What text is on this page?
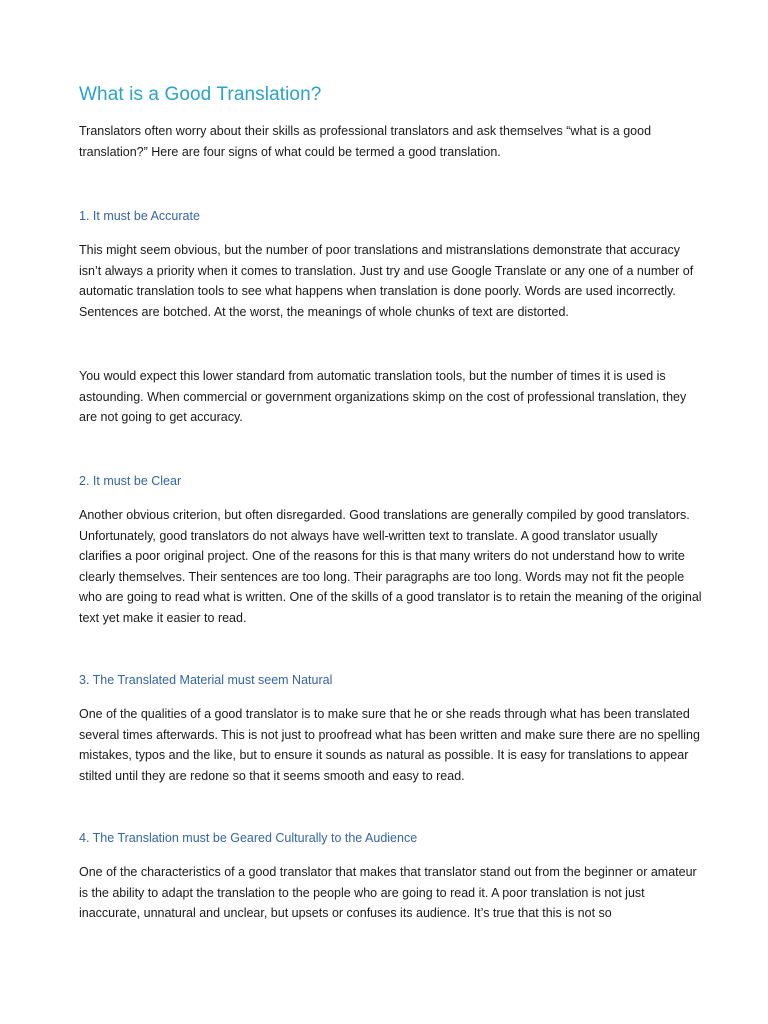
What is a Good Translation?

Translators often worry about their skills as professional translators and ask themselves “what is a good translation?” Here are four signs of what could be termed a good translation.

1. It must be Accurate

This might seem obvious, but the number of poor translations and mistranslations demonstrate that accuracy isn’t always a priority when it comes to translation. Just try and use Google Translate or any one of a number of automatic translation tools to see what happens when translation is done poorly. Words are used incorrectly. Sentences are botched. At the worst, the meanings of whole chunks of text are distorted.

You would expect this lower standard from automatic translation tools, but the number of times it is used is astounding. When commercial or government organizations skimp on the cost of professional translation, they are not going to get accuracy.

2. It must be Clear

Another obvious criterion, but often disregarded. Good translations are generally compiled by good translators. Unfortunately, good translators do not always have well-written text to translate. A good translator usually clarifies a poor original project. One of the reasons for this is that many writers do not understand how to write clearly themselves. Their sentences are too long. Their paragraphs are too long. Words may not fit the people who are going to read what is written. One of the skills of a good translator is to retain the meaning of the original text yet make it easier to read.

3. The Translated Material must seem Natural

One of the qualities of a good translator is to make sure that he or she reads through what has been translated several times afterwards. This is not just to proofread what has been written and make sure there are no spelling mistakes, typos and the like, but to ensure it sounds as natural as possible. It is easy for translations to appear stilted until they are redone so that it seems smooth and easy to read.

4. The Translation must be Geared Culturally to the Audience

One of the characteristics of a good translator that makes that translator stand out from the beginner or amateur is the ability to adapt the translation to the people who are going to read it. A poor translation is not just inaccurate, unnatural and unclear, but upsets or confuses its audience. It’s true that this is not so
